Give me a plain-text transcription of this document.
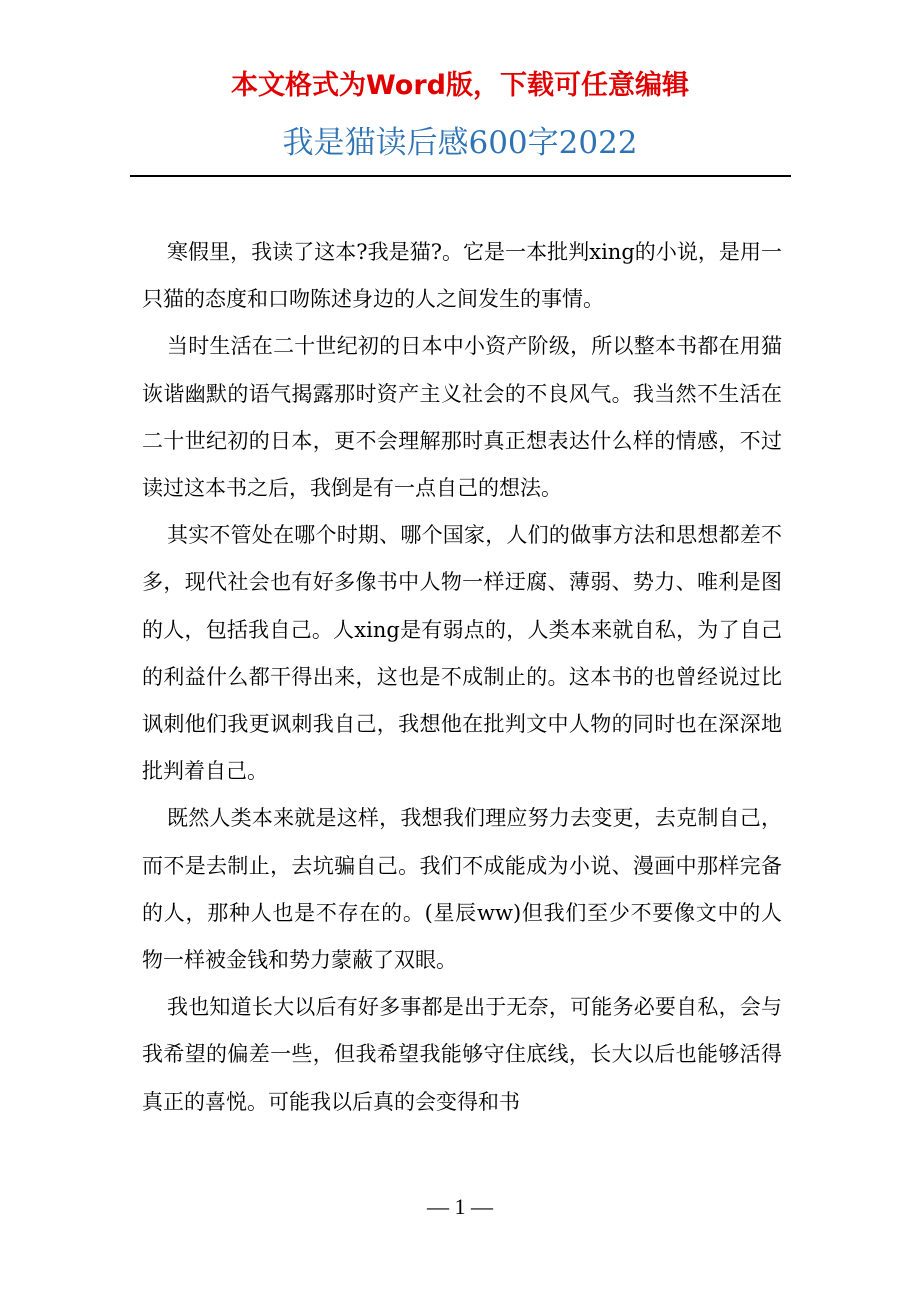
本文格式为Word版，下载可任意编辑
我是猫读后感600字2022

寒假里，我读了这本?我是猫?。它是一本批判xing的小说，是用一只猫的态度和口吻陈述身边的人之间发生的事情。

当时生活在二十世纪初的日本中小资产阶级，所以整本书都在用猫诙谐幽默的语气揭露那时资产主义社会的不良风气。我当然不生活在二十世纪初的日本，更不会理解那时真正想表达什么样的情感，不过读过这本书之后，我倒是有一点自己的想法。

其实不管处在哪个时期、哪个国家，人们的做事方法和思想都差不多，现代社会也有好多像书中人物一样迂腐、薄弱、势力、唯利是图的人，包括我自己。人xing是有弱点的，人类本来就自私，为了自己的利益什么都干得出来，这也是不成制止的。这本书的也曾经说过比讽刺他们我更讽刺我自己，我想他在批判文中人物的同时也在深深地批判着自己。

既然人类本来就是这样，我想我们理应努力去变更，去克制自己，而不是去制止，去坑骗自己。我们不成能成为小说、漫画中那样完备的人，那种人也是不存在的。(星辰ww)但我们至少不要像文中的人物一样被金钱和势力蒙蔽了双眼。

我也知道长大以后有好多事都是出于无奈，可能务必要自私，会与我希望的偏差一些，但我希望我能够守住底线，长大以后也能够活得真正的喜悦。可能我以后真的会变得和书

— 1 —
